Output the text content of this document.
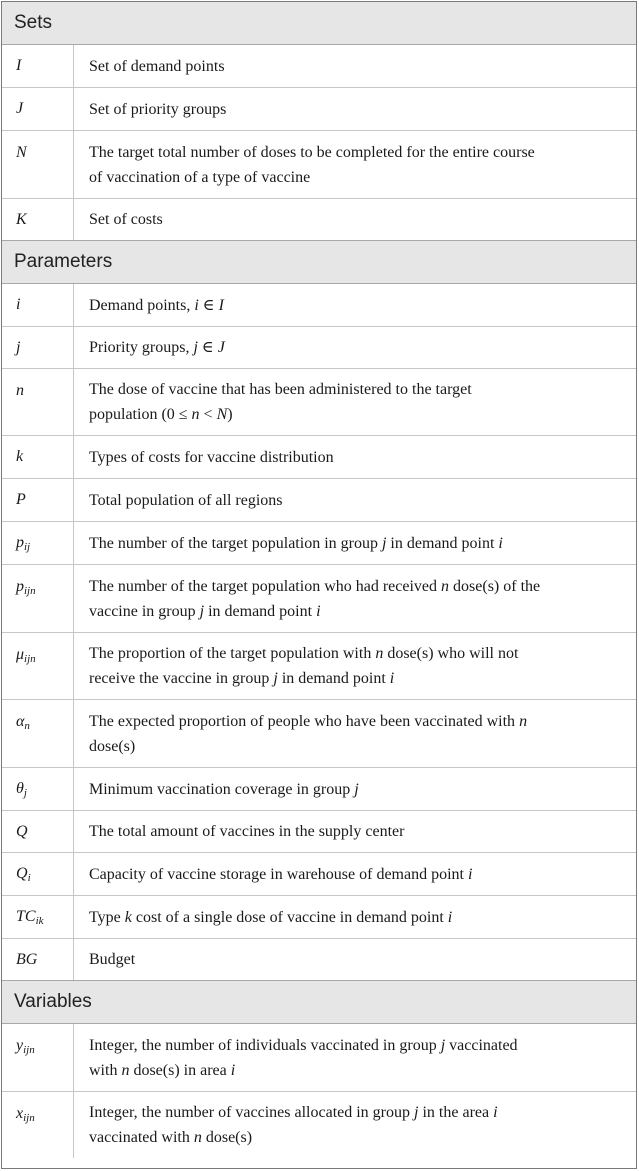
Sets
I	Set of demand points
J	Set of priority groups
N	The target total number of doses to be completed for the entire course
of vaccination of a type of vaccine
K	Set of costs
Parameters
i	Demand points, i ∈ I
j	Priority groups, j ∈ J
n	The dose of vaccine that has been administered to the target
population (0 ≤ n < N)
k	Types of costs for vaccine distribution
P	Total population of all regions
$p_{ij}$	The number of the target population in group j in demand point i
$p_{ijn}$	The number of the target population who had received n dose(s) of the
vaccine in group j in demand point i
$\mu_{ijn}$	The proportion of the target population with n dose(s) who will not
receive the vaccine in group j in demand point i
$\alpha_n$	The expected proportion of people who have been vaccinated with n
dose(s)
$\theta_j$	Minimum vaccination coverage in group j
Q	The total amount of vaccines in the supply center
$Q_i$	Capacity of vaccine storage in warehouse of demand point i
$TC_{ik}$	Type k cost of a single dose of vaccine in demand point i
BG	Budget
Variables
$y_{ijn}$	Integer, the number of individuals vaccinated in group j vaccinated
with n dose(s) in area i
$x_{ijn}$	Integer, the number of vaccines allocated in group j in the area i
vaccinated with n dose(s)
